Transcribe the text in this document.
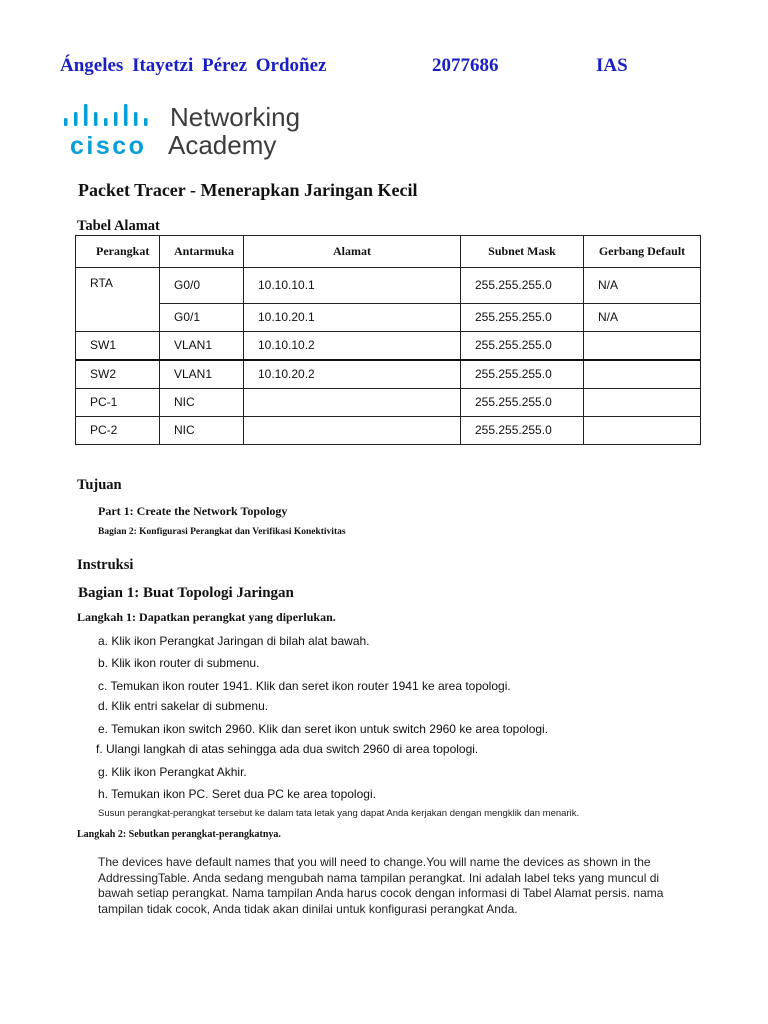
Ángeles Itayetzi Pérez Ordoñez	2077686	IAS
cisco
Networking
Academy
Packet Tracer - Menerapkan Jaringan Kecil
Tabel Alamat
Perangkat	Antarmuka	Alamat	Subnet Mask	Gerbang Default
RTA	G0/0	10.10.10.1	255.255.255.0	N/A
	G0/1	10.10.20.1	255.255.255.0	N/A
SW1	VLAN1	10.10.10.2	255.255.255.0	
SW2	VLAN1	10.10.20.2	255.255.255.0	
PC-1	NIC		255.255.255.0	
PC-2	NIC		255.255.255.0	
Tujuan
Part 1: Create the Network Topology
Bagian 2: Konfigurasi Perangkat dan Verifikasi Konektivitas
Instruksi
Bagian 1: Buat Topologi Jaringan
Langkah 1: Dapatkan perangkat yang diperlukan.
a. Klik ikon Perangkat Jaringan di bilah alat bawah.
b. Klik ikon router di submenu.
c. Temukan ikon router 1941. Klik dan seret ikon router 1941 ke area topologi.
d. Klik entri sakelar di submenu.
e. Temukan ikon switch 2960. Klik dan seret ikon untuk switch 2960 ke area topologi.
f. Ulangi langkah di atas sehingga ada dua switch 2960 di area topologi.
g. Klik ikon Perangkat Akhir.
h. Temukan ikon PC. Seret dua PC ke area topologi.
Susun perangkat-perangkat tersebut ke dalam tata letak yang dapat Anda kerjakan dengan mengklik dan menarik.
Langkah 2: Sebutkan perangkat-perangkatnya.
The devices have default names that you will need to change.You will name the devices as shown in the AddressingTable. Anda sedang mengubah nama tampilan perangkat. Ini adalah label teks yang muncul di bawah setiap perangkat. Nama tampilan Anda harus cocok dengan informasi di Tabel Alamat persis. nama tampilan tidak cocok, Anda tidak akan dinilai untuk konfigurasi perangkat Anda.
